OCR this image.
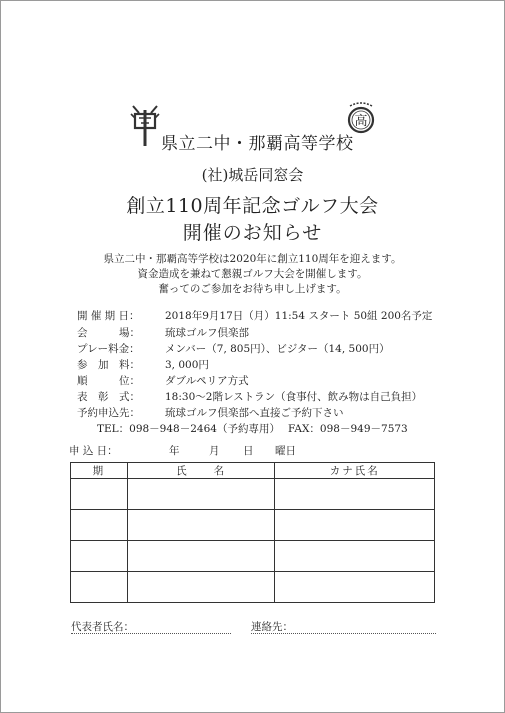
高
県立二中・那覇高等学校
(社)城岳同窓会
創立110周年記念ゴルフ大会
開催のお知らせ
県立二中・那覇高等学校は2020年に創立110周年を迎えます。
資金造成を兼ねて懇親ゴルフ大会を開催します。
奮ってのご参加をお待ち申し上げます。
開 催 期 日： 2018年9月17日（月）11:54 スタート 50組 200名予定
会　　　場： 琉球ゴルフ倶楽部
プレー料金： メンバー（7, 805円）、ビジター（14, 500円）
参　加　料： 3, 000円
順　　　位： ダブルペリア方式
表　彰　式： 18:30～2階レストラン（食事付、飲み物は自己負担）
予約申込先： 琉球ゴルフ倶楽部へ直接ご予約下さい
TEL：098－948－2464（予約専用） FAX：098－949－7573
申 込 日：	年	月 日 曜日
期	氏　　名	カナ氏名

代表者氏名：	連絡先：
